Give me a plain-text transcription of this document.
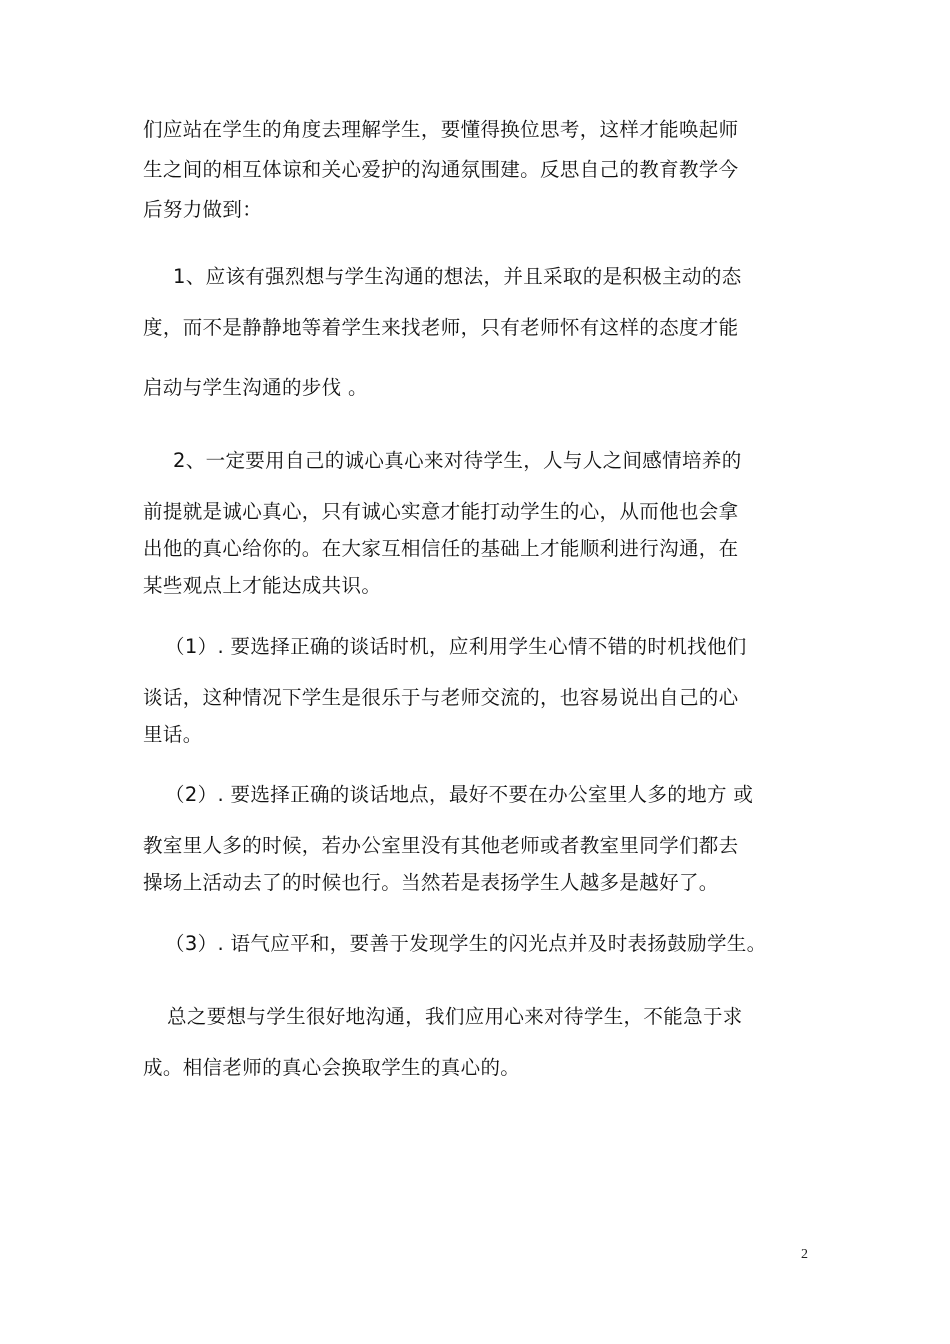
们应站在学生的角度去理解学生，要懂得换位思考，这样才能唤起师
生之间的相互体谅和关心爱护的沟通氛围建。反思自己的教育教学今
后努力做到：
1、应该有强烈想与学生沟通的想法，并且采取的是积极主动的态
度，而不是静静地等着学生来找老师，只有老师怀有这样的态度才能
启动与学生沟通的步伐 。
2、一定要用自己的诚心真心来对待学生，人与人之间感情培养的
前提就是诚心真心，只有诚心实意才能打动学生的心，从而他也会拿
出他的真心给你的。在大家互相信任的基础上才能顺利进行沟通，在
某些观点上才能达成共识。
（1）. 要选择正确的谈话时机，应利用学生心情不错的时机找他们
谈话，这种情况下学生是很乐于与老师交流的，也容易说出自己的心
里话。
（2）. 要选择正确的谈话地点，最好不要在办公室里人多的地方 或
教室里人多的时候，若办公室里没有其他老师或者教室里同学们都去
操场上活动去了的时候也行。当然若是表扬学生人越多是越好了。
（3）. 语气应平和，要善于发现学生的闪光点并及时表扬鼓励学生。
总之要想与学生很好地沟通，我们应用心来对待学生，不能急于求
成。相信老师的真心会换取学生的真心的。
2
